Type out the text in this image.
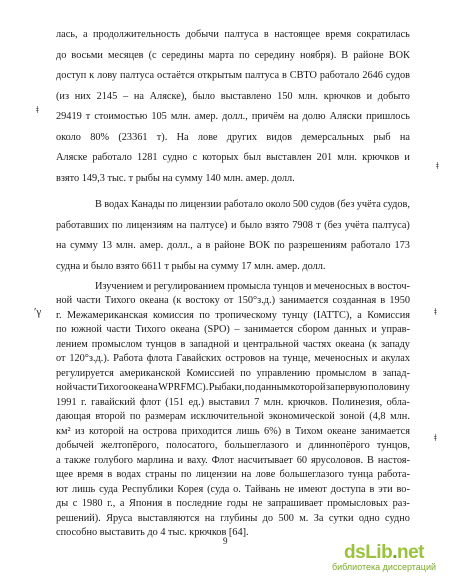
лась, а продолжительность добычи палтуса в настоящее время сократилась
до восьми месяцев (с середины марта по середину ноября). В районе ВОК
доступ к лову палтуса остаётся открытым палтуса в СВТО работало 2646 судов
(из них 2145 – на Аляске), было выставлено 150 млн. крючков и добыто
29419 т стоимостью 105 млн. амер. долл., причём на долю Аляски пришлось
около 80% (23361 т). На лове других видов демерсальных рыб на
Аляске работало 1281 судно с которых был выставлен 201 млн. крючков и
взято 149,3 тыс. т рыбы на сумму 140 млн. амер. долл.
В водах Канады по лицензии работало около 500 судов (без учёта судов,
работавших по лицензиям на палтусе) и было взято 7908 т (без учёта палтуса)
на сумму 13 млн. амер. долл., а в районе ВОК по разрешениям работало 173
судна и было взято 6611 т рыбы на сумму 17 млн. амер. долл.
Изучением и регулированием промысла тунцов и меченосных в восточ-
ной части Тихого океана (к востоку от 150°з.д.) занимается созданная в 1950
г. Межамериканская комиссия по тропическому тунцу (IATTC), а Комиссия
по южной части Тихого океана (SPO) – занимается сбором данных и управ-
лением промыслом тунцов в западной и центральной частях океана (к западу
от 120°з.д.). Работа флота Гавайских островов на тунце, меченосных и акулах
регулируется американской Комиссией по управлению промыслом в запад-
ной части Тихого океана WPRFMC). Рыбаки, по данным которой за первую половину
1991 г. гавайский флот (151 ед.) выставил 7 млн. крючков. Полинезия, обла-
дающая второй по размерам исключительной экономической зоной (4,8 млн.
км² из которой на острова приходится лишь 6%) в Тихом океане занимается
добычей желтопёрого, полосатого, большеглазого и длиннопёрого тунцов,
а также голубого марлина и ваху. Флот насчитывает 60 ярусоловов. В настоя-
щее время в водах страны по лицензии на лове большеглазого тунца работа-
ют лишь суда Республики Корея (суда о. Тайвань не имеют доступа в эти во-
ды с 1980 г., а Япония в последние годы не запрашивает промысловых раз-
решений). Ярусa выставляются на глубины до 500 м. За сутки одно судно
способно выставить до 4 тыс. крючков [64].
ǂ
ǂ
ʹγ	ǂ
ǂ
9
dsLib.net
библиотека диссертаций
